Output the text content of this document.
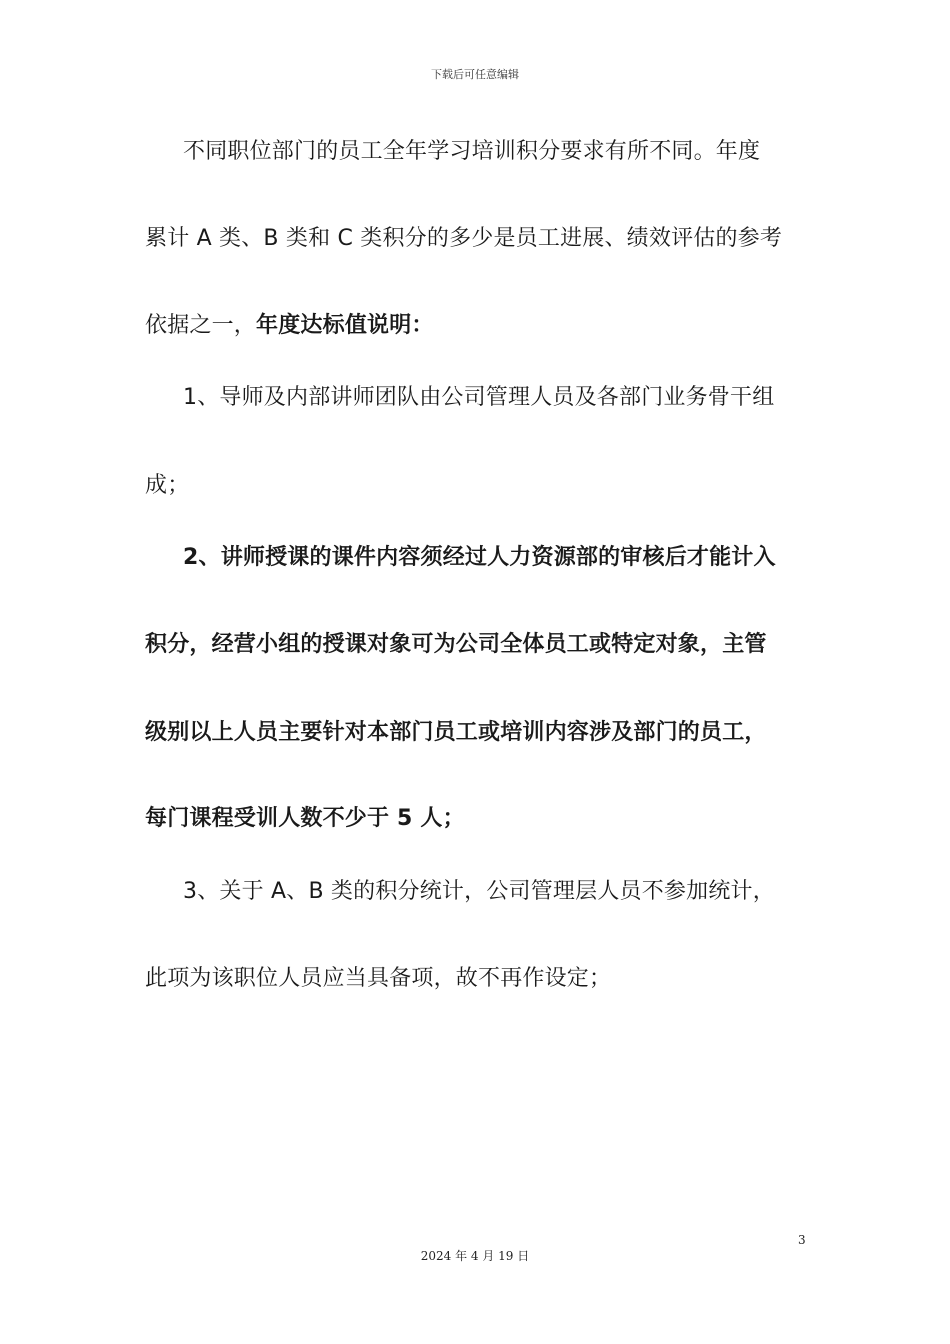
下载后可任意编辑
不同职位部门的员工全年学习培训积分要求有所不同。年度
累计 A 类、B 类和 C 类积分的多少是员工进展、绩效评估的参考
依据之一，年度达标值说明：
1、导师及内部讲师团队由公司管理人员及各部门业务骨干组
成；
2、讲师授课的课件内容须经过人力资源部的审核后才能计入
积分，经营小组的授课对象可为公司全体员工或特定对象，主管
级别以上人员主要针对本部门员工或培训内容涉及部门的员工，
每门课程受训人数不少于 5 人；
3、关于 A、B 类的积分统计，公司管理层人员不参加统计，
此项为该职位人员应当具备项，故不再作设定；
3
2024 年 4 月 19 日
